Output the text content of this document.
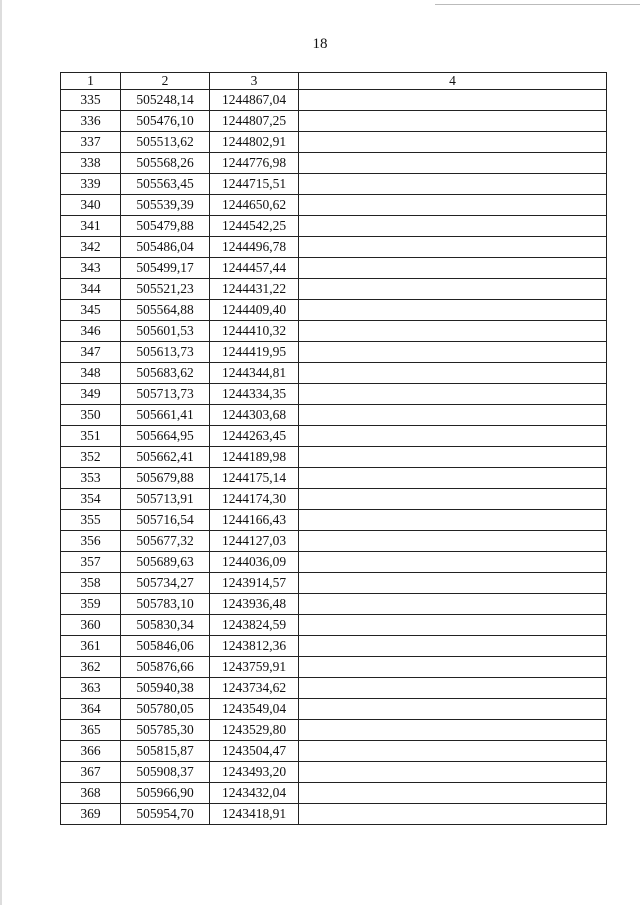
18
1	2	3	4
335	505248,14	1244867,04	
336	505476,10	1244807,25	
337	505513,62	1244802,91	
338	505568,26	1244776,98	
339	505563,45	1244715,51	
340	505539,39	1244650,62	
341	505479,88	1244542,25	
342	505486,04	1244496,78	
343	505499,17	1244457,44	
344	505521,23	1244431,22	
345	505564,88	1244409,40	
346	505601,53	1244410,32	
347	505613,73	1244419,95	
348	505683,62	1244344,81	
349	505713,73	1244334,35	
350	505661,41	1244303,68	
351	505664,95	1244263,45	
352	505662,41	1244189,98	
353	505679,88	1244175,14	
354	505713,91	1244174,30	
355	505716,54	1244166,43	
356	505677,32	1244127,03	
357	505689,63	1244036,09	
358	505734,27	1243914,57	
359	505783,10	1243936,48	
360	505830,34	1243824,59	
361	505846,06	1243812,36	
362	505876,66	1243759,91	
363	505940,38	1243734,62	
364	505780,05	1243549,04	
365	505785,30	1243529,80	
366	505815,87	1243504,47	
367	505908,37	1243493,20	
368	505966,90	1243432,04	
369	505954,70	1243418,91	
